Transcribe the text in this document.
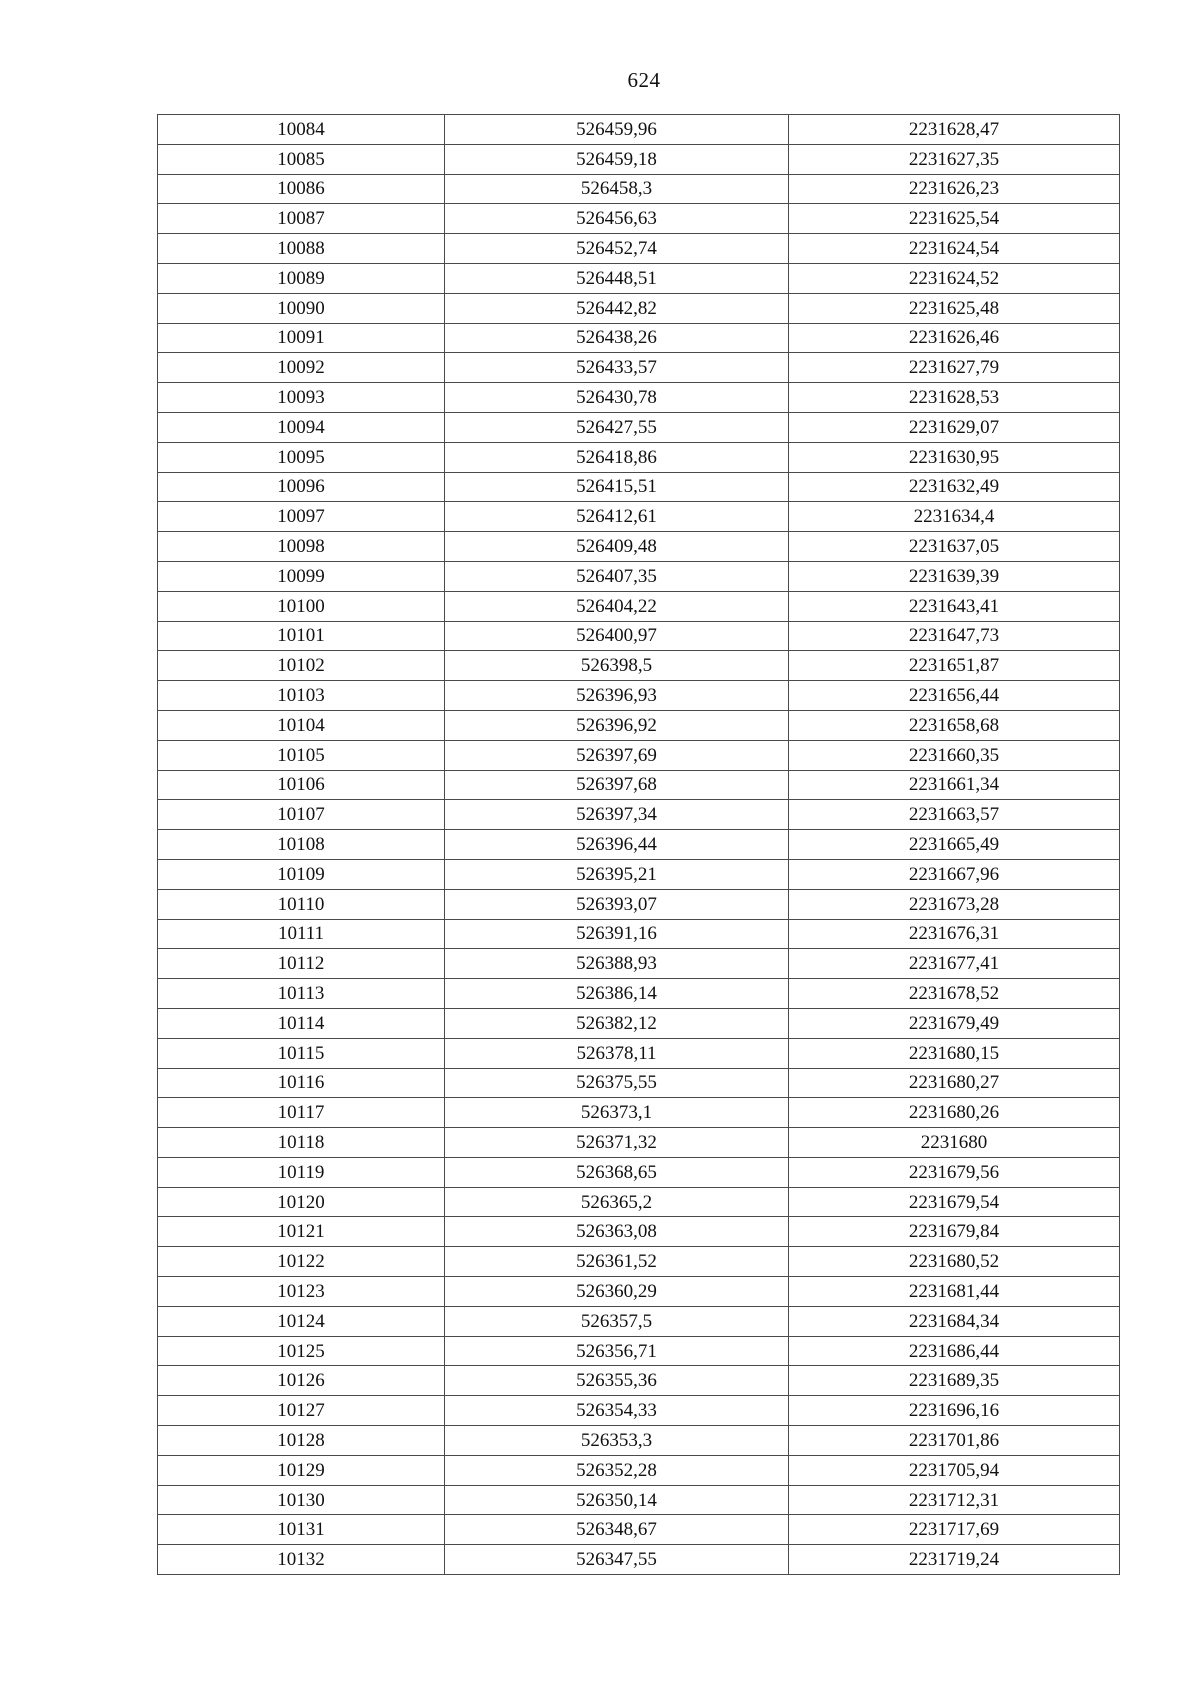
624
10084	526459,96	2231628,47
10085	526459,18	2231627,35
10086	526458,3	2231626,23
10087	526456,63	2231625,54
10088	526452,74	2231624,54
10089	526448,51	2231624,52
10090	526442,82	2231625,48
10091	526438,26	2231626,46
10092	526433,57	2231627,79
10093	526430,78	2231628,53
10094	526427,55	2231629,07
10095	526418,86	2231630,95
10096	526415,51	2231632,49
10097	526412,61	2231634,4
10098	526409,48	2231637,05
10099	526407,35	2231639,39
10100	526404,22	2231643,41
10101	526400,97	2231647,73
10102	526398,5	2231651,87
10103	526396,93	2231656,44
10104	526396,92	2231658,68
10105	526397,69	2231660,35
10106	526397,68	2231661,34
10107	526397,34	2231663,57
10108	526396,44	2231665,49
10109	526395,21	2231667,96
10110	526393,07	2231673,28
10111	526391,16	2231676,31
10112	526388,93	2231677,41
10113	526386,14	2231678,52
10114	526382,12	2231679,49
10115	526378,11	2231680,15
10116	526375,55	2231680,27
10117	526373,1	2231680,26
10118	526371,32	2231680
10119	526368,65	2231679,56
10120	526365,2	2231679,54
10121	526363,08	2231679,84
10122	526361,52	2231680,52
10123	526360,29	2231681,44
10124	526357,5	2231684,34
10125	526356,71	2231686,44
10126	526355,36	2231689,35
10127	526354,33	2231696,16
10128	526353,3	2231701,86
10129	526352,28	2231705,94
10130	526350,14	2231712,31
10131	526348,67	2231717,69
10132	526347,55	2231719,24
